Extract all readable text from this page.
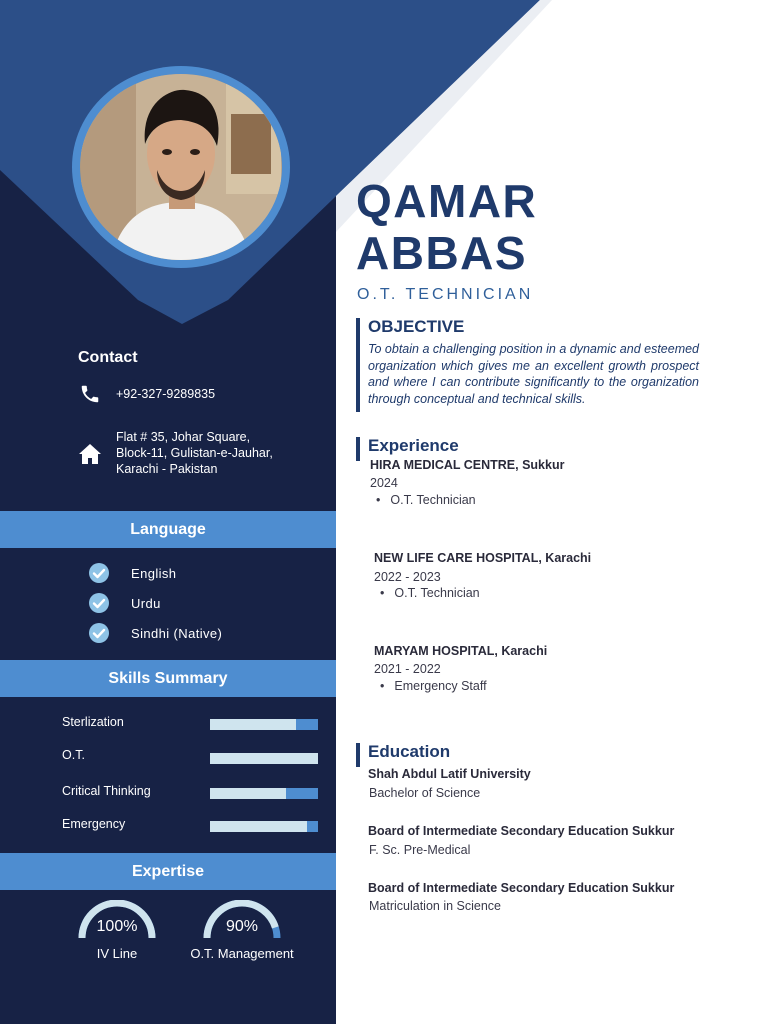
Contact
+92-327-9289835
Flat # 35, Johar Square,
Block-11, Gulistan-e-Jauhar,
Karachi - Pakistan
Language
English
Urdu
Sindhi (Native)
Skills Summary
Sterlization
O.T.
Critical Thinking
Emergency
Expertise
100%
IV Line
90%
O.T. Management
QAMAR
ABBAS
O.T. TECHNICIAN
OBJECTIVE
To obtain a challenging position in a dynamic and esteemed organization which gives me an excellent growth prospect and where I can contribute significantly to the organization through conceptual and technical skills.
Experience
HIRA MEDICAL CENTRE, Sukkur
2024
• O.T. Technician
NEW LIFE CARE HOSPITAL, Karachi
2022 - 2023
• O.T. Technician
MARYAM HOSPITAL, Karachi
2021 - 2022
• Emergency Staff
Education
Shah Abdul Latif University
Bachelor of Science
Board of Intermediate Secondary Education Sukkur
F. Sc. Pre-Medical
Board of Intermediate Secondary Education Sukkur
Matriculation in Science
